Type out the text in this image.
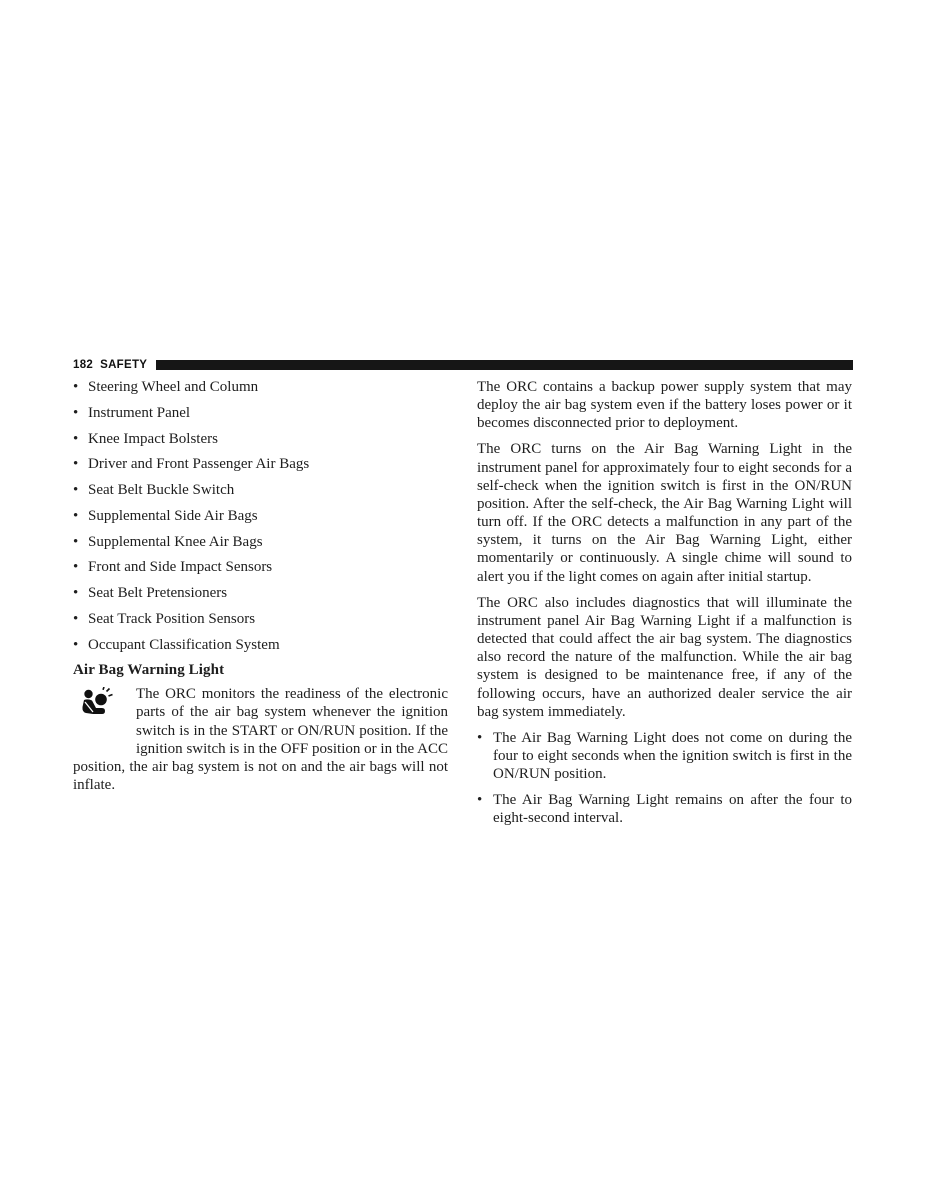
182 SAFETY
• Steering Wheel and Column
• Instrument Panel
• Knee Impact Bolsters
• Driver and Front Passenger Air Bags
• Seat Belt Buckle Switch
• Supplemental Side Air Bags
• Supplemental Knee Air Bags
• Front and Side Impact Sensors
• Seat Belt Pretensioners
• Seat Track Position Sensors
• Occupant Classification System
Air Bag Warning Light

The ORC monitors the readiness of the electronic parts of the air bag system whenever the ignition switch is in the START or ON/RUN position. If the ignition switch is in the OFF position or in the ACC position, the air bag system is not on and the air bags will not inflate.

The ORC contains a backup power supply system that may deploy the air bag system even if the battery loses power or it becomes disconnected prior to deployment.

The ORC turns on the Air Bag Warning Light in the instrument panel for approximately four to eight seconds for a self-check when the ignition switch is first in the ON/RUN position. After the self-check, the Air Bag Warning Light will turn off. If the ORC detects a malfunction in any part of the system, it turns on the Air Bag Warning Light, either momentarily or continuously. A single chime will sound to alert you if the light comes on again after initial startup.

The ORC also includes diagnostics that will illuminate the instrument panel Air Bag Warning Light if a malfunction is detected that could affect the air bag system. The diagnostics also record the nature of the malfunction. While the air bag system is designed to be maintenance free, if any of the following occurs, have an authorized dealer service the air bag system immediately.

• The Air Bag Warning Light does not come on during the four to eight seconds when the ignition switch is first in the ON/RUN position.
• The Air Bag Warning Light remains on after the four to eight-second interval.
